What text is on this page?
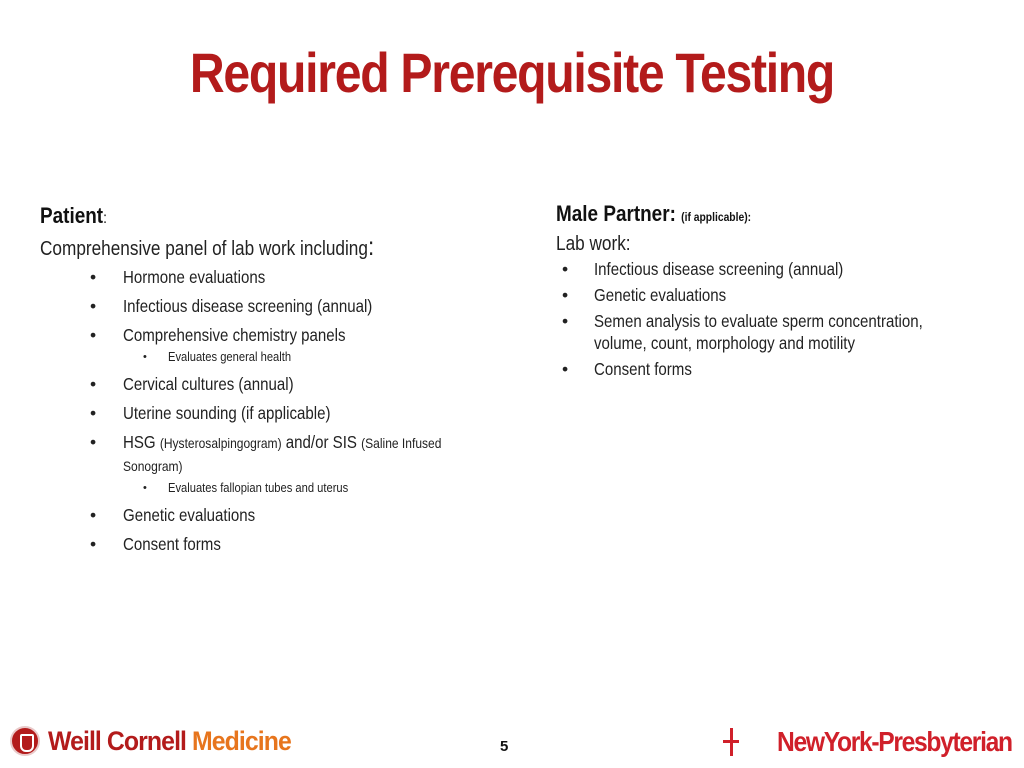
Required Prerequisite Testing
Patient:
Comprehensive panel of lab work including:
• Hormone evaluations
• Infectious disease screening (annual)
• Comprehensive chemistry panels
• Evaluates general health
• Cervical cultures (annual)
• Uterine sounding (if applicable)
• HSG (Hysterosalpingogram) and/or SIS (Saline Infused Sonogram)
• Evaluates fallopian tubes and uterus
• Genetic evaluations
• Consent forms
Male Partner: (if applicable):
Lab work:
• Infectious disease screening (annual)
• Genetic evaluations
• Semen analysis to evaluate sperm concentration, volume, count, morphology and motility
• Consent forms
Weill Cornell Medicine	5	NewYork-Presbyterian
